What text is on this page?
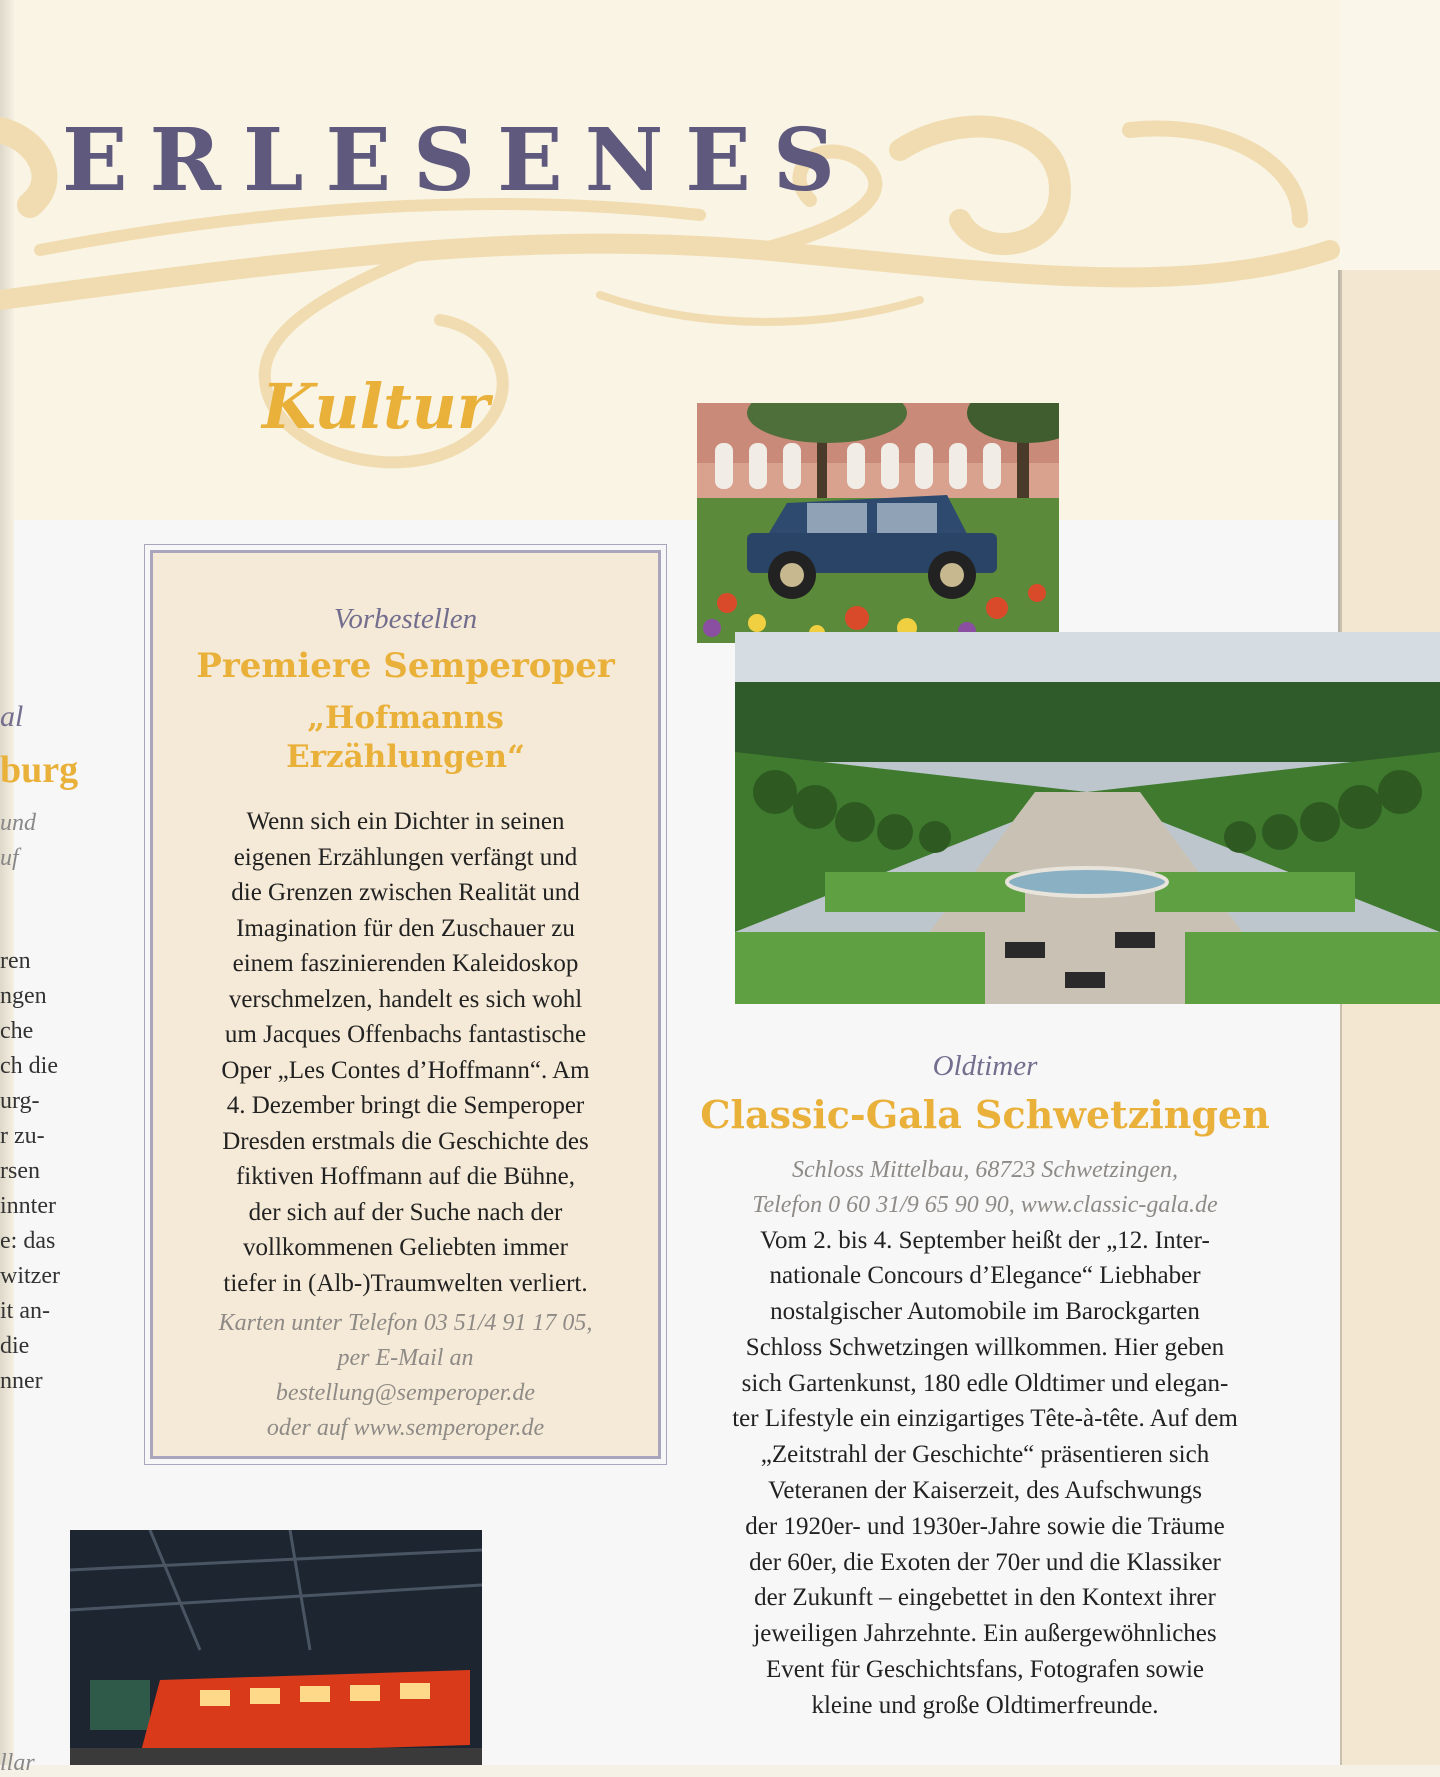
ERLESENES
Kultur
al
burg
und
uf
ren
ngen
che
ch die
urg-
r zu-
rsen
innter
e: das
witzer
it an-
die
nner
llar

Vorbestellen

Premiere Semperoper

„Hofmanns
Erzählungen“

Wenn sich ein Dichter in seinen
eigenen Erzählungen verfängt und
die Grenzen zwischen Realität und
Imagination für den Zuschauer zu
einem faszinierenden Kaleidoskop
verschmelzen, handelt es sich wohl
um Jacques Offenbachs fantastische
Oper „Les Contes d’Hoffmann“. Am
4. Dezember bringt die Semperoper
Dresden erstmals die Geschichte des
fiktiven Hoffmann auf die Bühne,
der sich auf der Suche nach der
vollkommenen Geliebten immer
tiefer in (Alb-)Traumwelten verliert.

Karten unter Telefon 03 51/4 91 17 05,
per E-Mail an
bestellung@semperoper.de
oder auf www.semperoper.de

Oldtimer

Classic-Gala Schwetzingen

Schloss Mittelbau, 68723 Schwetzingen,
Telefon 0 60 31/9 65 90 90, www.classic-gala.de

Vom 2. bis 4. September heißt der „12. Inter-
nationale Concours d’Elegance“ Liebhaber
nostalgischer Automobile im Barockgarten
Schloss Schwetzingen willkommen. Hier geben
sich Gartenkunst, 180 edle Oldtimer und elegan-
ter Lifestyle ein einzigartiges Tête-à-tête. Auf dem
„Zeitstrahl der Geschichte“ präsentieren sich
Veteranen der Kaiserzeit, des Aufschwungs
der 1920er- und 1930er-Jahre sowie die Träume
der 60er, die Exoten der 70er und die Klassiker
der Zukunft – eingebettet in den Kontext ihrer
jeweiligen Jahrzehnte. Ein außergewöhnliches
Event für Geschichtsfans, Fotografen sowie
kleine und große Oldtimerfreunde.
